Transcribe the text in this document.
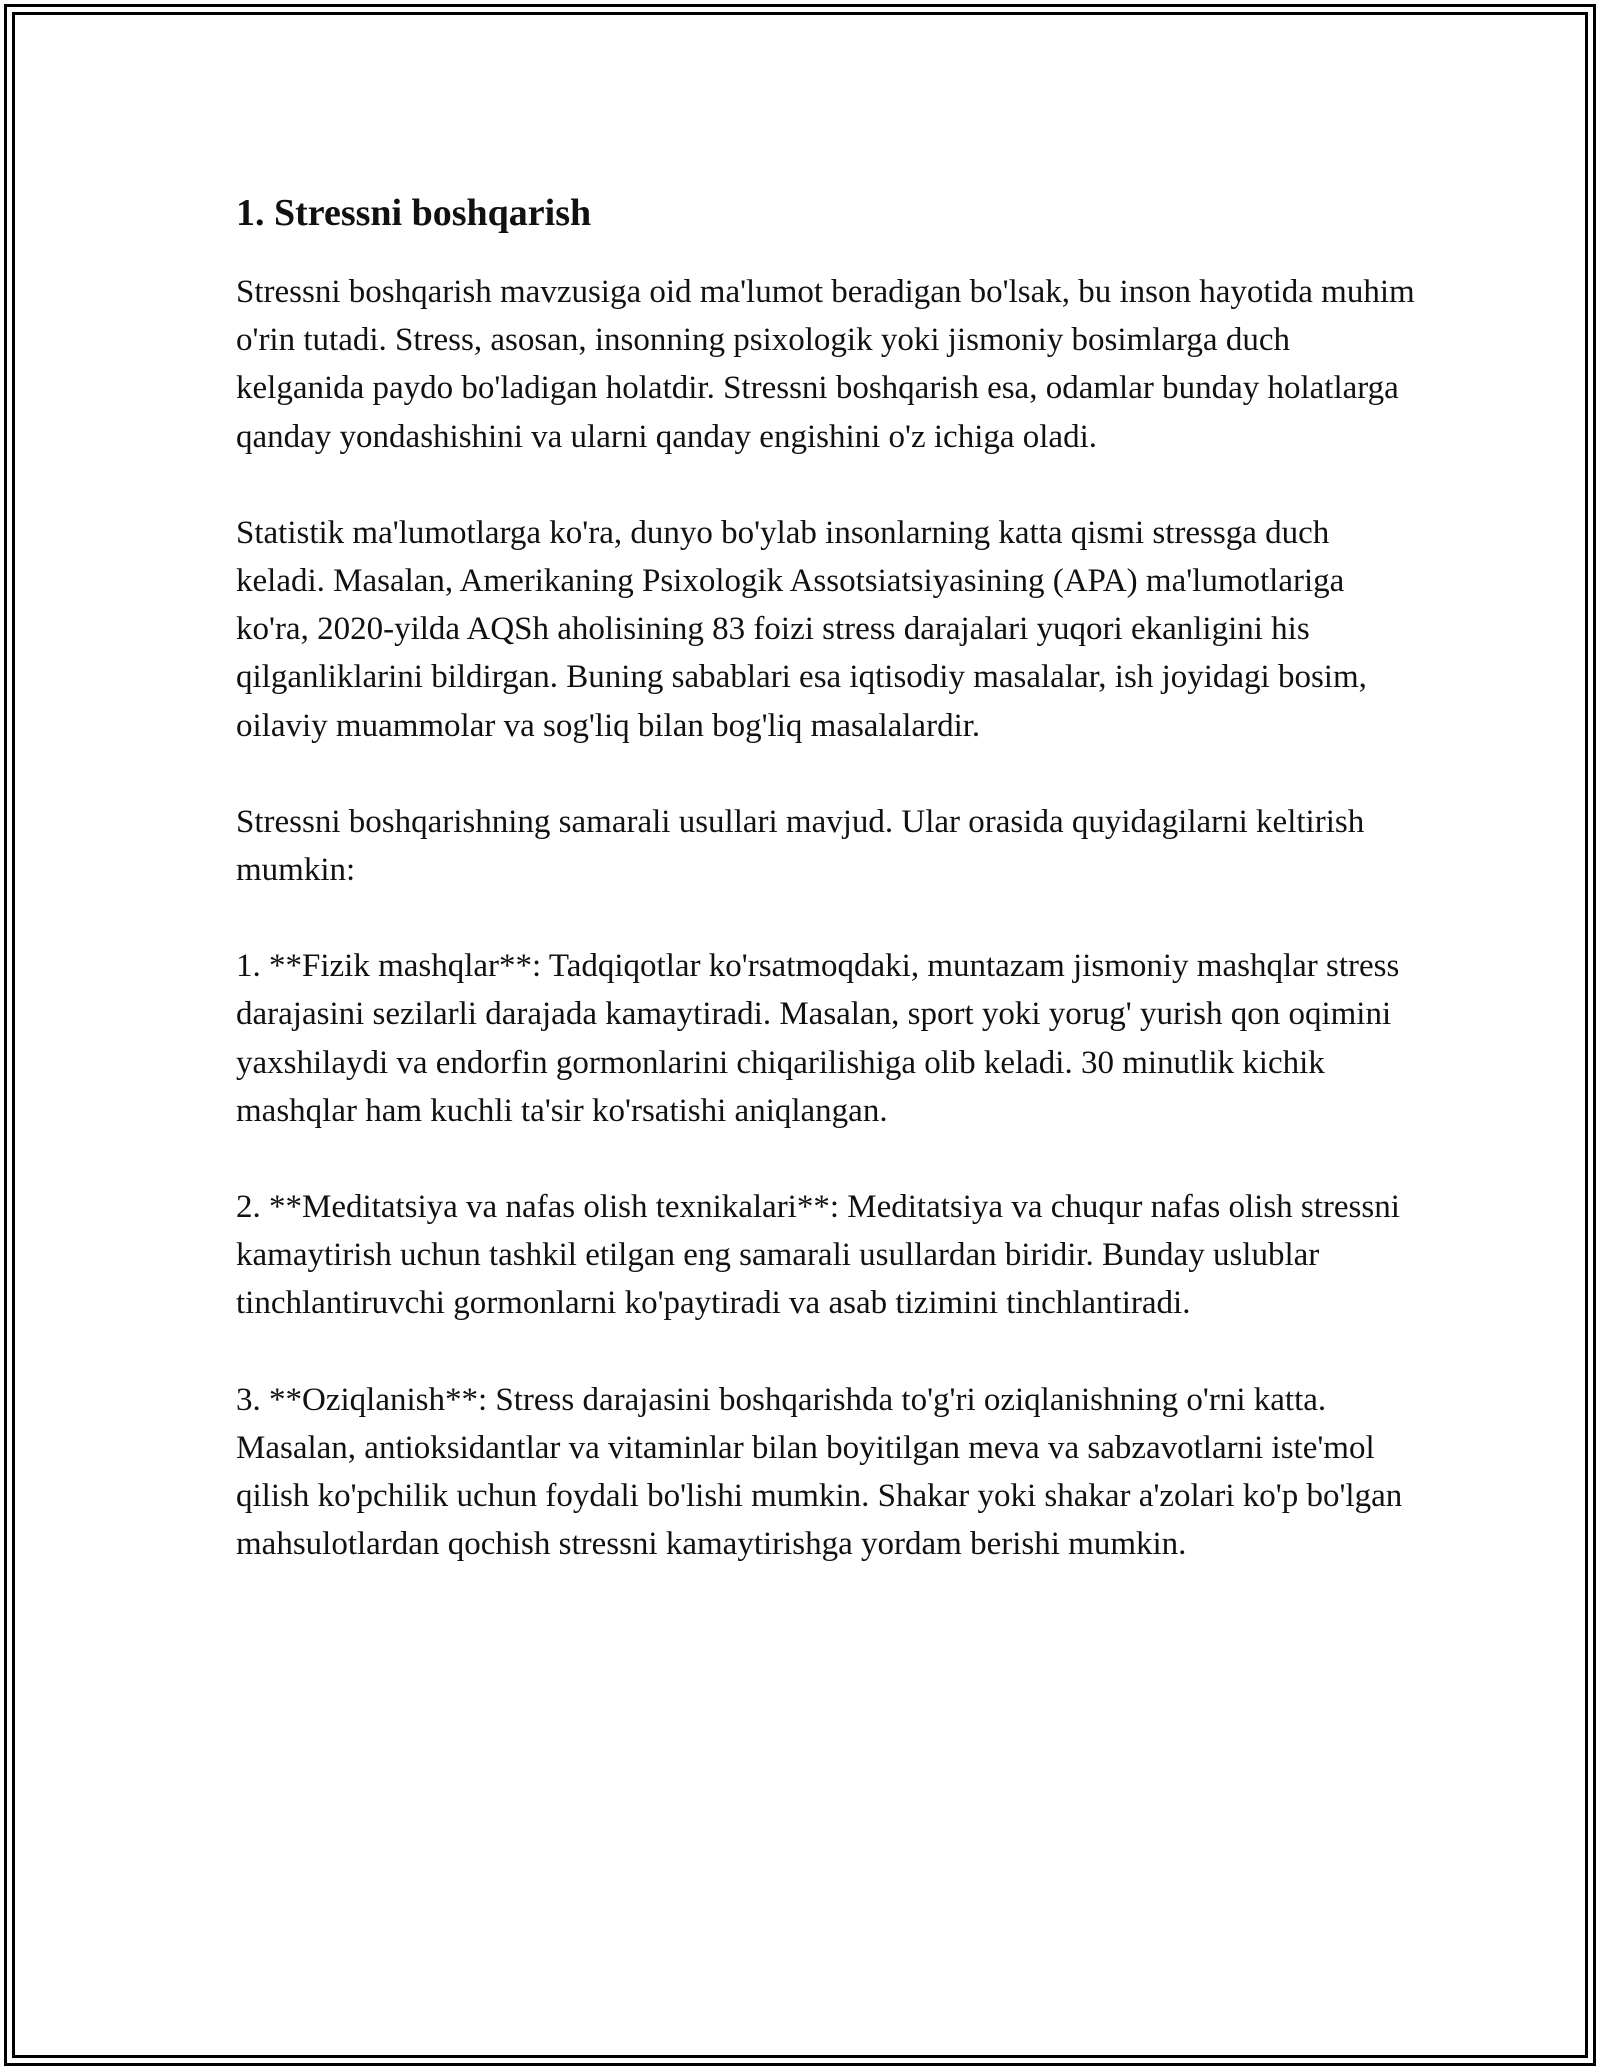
1. Stressni boshqarish

Stressni boshqarish mavzusiga oid ma'lumot beradigan bo'lsak, bu inson hayotida muhim o'rin tutadi. Stress, asosan, insonning psixologik yoki jismoniy bosimlarga duch kelganida paydo bo'ladigan holatdir. Stressni boshqarish esa, odamlar bunday holatlarga qanday yondashishini va ularni qanday engishini o'z ichiga oladi.

Statistik ma'lumotlarga ko'ra, dunyo bo'ylab insonlarning katta qismi stressga duch keladi. Masalan, Amerikaning Psixologik Assotsiatsiyasining (APA) ma'lumotlariga ko'ra, 2020-yilda AQSh aholisining 83 foizi stress darajalari yuqori ekanligini his qilganliklarini bildirgan. Buning sabablari esa iqtisodiy masalalar, ish joyidagi bosim, oilaviy muammolar va sog'liq bilan bog'liq masalalardir.

Stressni boshqarishning samarali usullari mavjud. Ular orasida quyidagilarni keltirish mumkin:

1. **Fizik mashqlar**: Tadqiqotlar ko'rsatmoqdaki, muntazam jismoniy mashqlar stress darajasini sezilarli darajada kamaytiradi. Masalan, sport yoki yorug' yurish qon oqimini yaxshilaydi va endorfin gormonlarini chiqarilishiga olib keladi. 30 minutlik kichik mashqlar ham kuchli ta'sir ko'rsatishi aniqlangan.

2. **Meditatsiya va nafas olish texnikalari**: Meditatsiya va chuqur nafas olish stressni kamaytirish uchun tashkil etilgan eng samarali usullardan biridir. Bunday uslublar tinchlantiruvchi gormonlarni ko'paytiradi va asab tizimini tinchlantiradi.

3. **Oziqlanish**: Stress darajasini boshqarishda to'g'ri oziqlanishning o'rni katta. Masalan, antioksidantlar va vitaminlar bilan boyitilgan meva va sabzavotlarni iste'mol qilish ko'pchilik uchun foydali bo'lishi mumkin. Shakar yoki shakar a'zolari ko'p bo'lgan mahsulotlardan qochish stressni kamaytirishga yordam berishi mumkin.
